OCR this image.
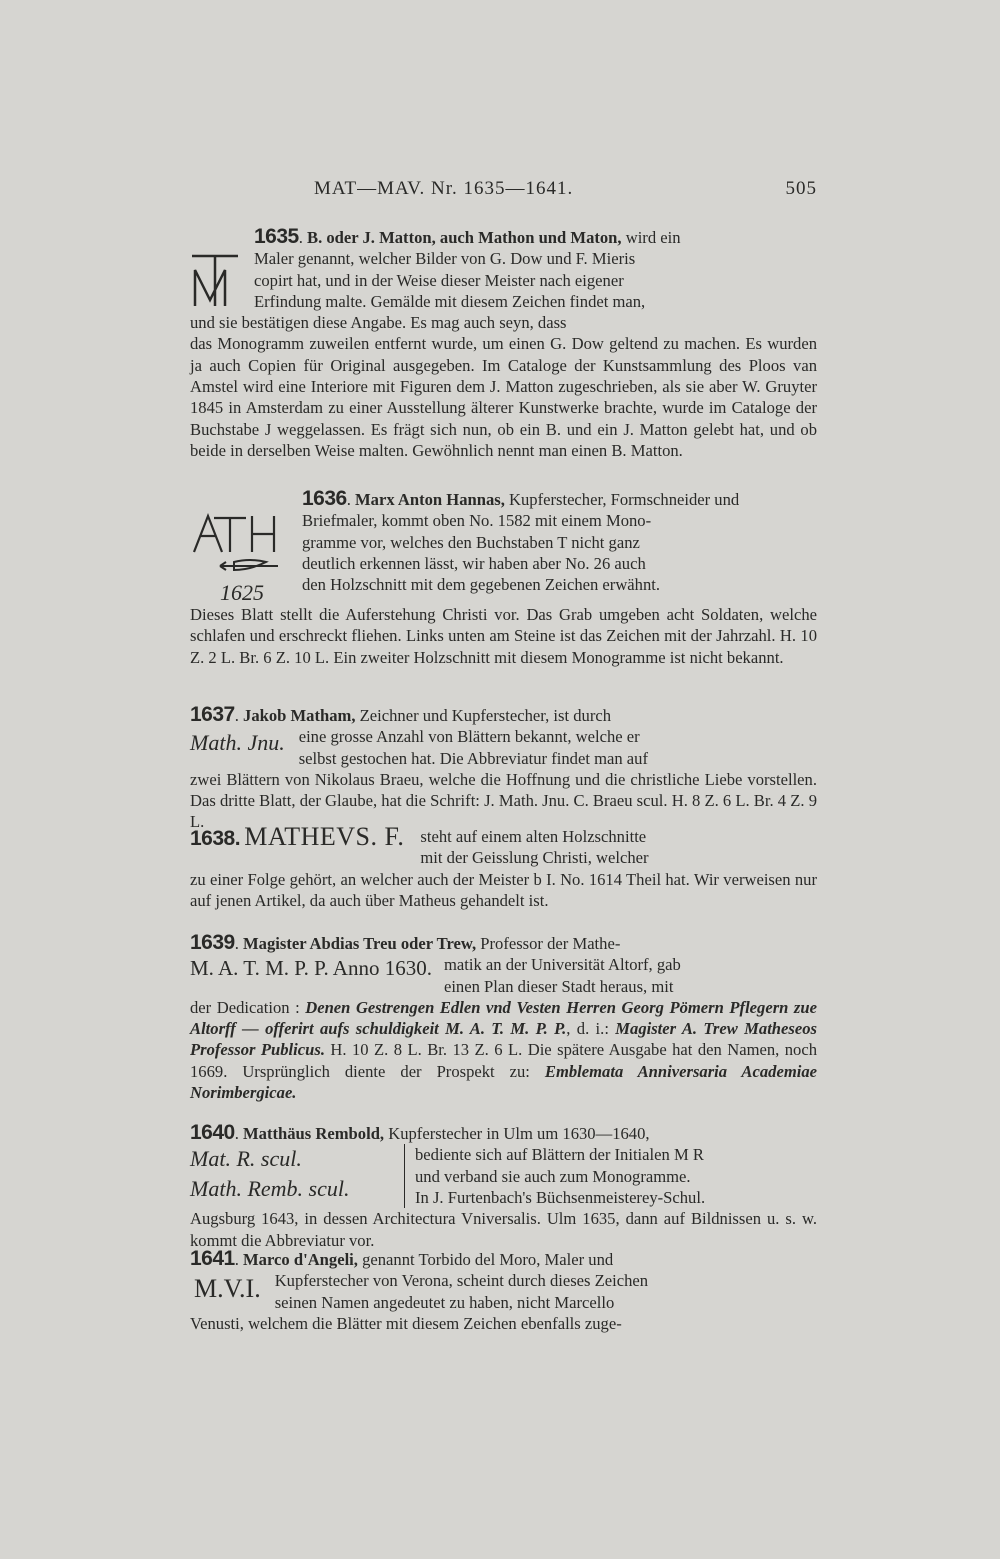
MAT—MAV. Nr. 1635—1641.	505
1635. B. oder J. Matton, auch Mathon und Maton, wird ein
Maler genannt, welcher Bilder von G. Dow und F. Mieris
copirt hat, und in der Weise dieser Meister nach eigener
Erfindung malte. Gemälde mit diesem Zeichen findet man,
und sie bestätigen diese Angabe. Es mag auch seyn, dass
das Monogramm zuweilen entfernt wurde, um einen G. Dow geltend zu machen. Es wurden ja auch Copien für Original ausgegeben. Im Cataloge der Kunstsammlung des Ploos van Amstel wird eine Interiore mit Figuren dem J. Matton zugeschrieben, als sie aber W. Gruyter 1845 in Amsterdam zu einer Ausstellung älterer Kunstwerke brachte, wurde im Cataloge der Buchstabe J weggelassen. Es frägt sich nun, ob ein B. und ein J. Matton gelebt hat, und ob beide in derselben Weise malten. Gewöhnlich nennt man einen B. Matton.
1625
1636. Marx Anton Hannas, Kupferstecher, Formschneider und
Briefmaler, kommt oben No. 1582 mit einem Mono-
gramme vor, welches den Buchstaben T nicht ganz
deutlich erkennen lässt, wir haben aber No. 26 auch
den Holzschnitt mit dem gegebenen Zeichen erwähnt.
Dieses Blatt stellt die Auferstehung Christi vor. Das Grab umgeben acht Soldaten, welche schlafen und erschreckt fliehen. Links unten am Steine ist das Zeichen mit der Jahrzahl. H. 10 Z. 2 L. Br. 6 Z. 10 L. Ein zweiter Holzschnitt mit diesem Monogramme ist nicht bekannt.
1637. Jakob Matham, Zeichner und Kupferstecher, ist durch
Math. Jnu. eine grosse Anzahl von Blättern bekannt, welche er
selbst gestochen hat. Die Abbreviatur findet man auf
zwei Blättern von Nikolaus Braeu, welche die Hoffnung und die christliche Liebe vorstellen. Das dritte Blatt, der Glaube, hat die Schrift: J. Math. Jnu. C. Braeu scul. H. 8 Z. 6 L. Br. 4 Z. 9 L.
1638. MATHEVS. F. steht auf einem alten Holzschnitte
mit der Geisslung Christi, welcher
zu einer Folge gehört, an welcher auch der Meister b I. No. 1614 Theil hat. Wir verweisen nur auf jenen Artikel, da auch über Matheus gehandelt ist.
1639. Magister Abdias Treu oder Trew, Professor der Mathe-
M. A. T. M. P. P. Anno 1630. matik an der Universität Altorf, gab
einen Plan dieser Stadt heraus, mit
der Dedication : Denen Gestrengen Edlen vnd Vesten Herren Georg Pömern Pflegern zue Altorff — offerirt aufs schuldigkeit M. A. T. M. P. P., d. i.: Magister A. Trew Matheseos Professor Publicus. H. 10 Z. 8 L. Br. 13 Z. 6 L. Die spätere Ausgabe hat den Namen, noch 1669. Ursprünglich diente der Prospekt zu: Emblemata Anniversaria Academiae Norimbergicae.
1640. Matthäus Rembold, Kupferstecher in Ulm um 1630—1640,
Mat. R. scul.
Math. Remb. scul.
bediente sich auf Blättern der Initialen M R
und verband sie auch zum Monogramme.
In J. Furtenbach's Büchsenmeisterey-Schul.
Augsburg 1643, in dessen Architectura Vniversalis. Ulm 1635, dann auf Bildnissen u. s. w. kommt die Abbreviatur vor.
1641. Marco d'Angeli, genannt Torbido del Moro, Maler und
M.V.I. Kupferstecher von Verona, scheint durch dieses Zeichen
seinen Namen angedeutet zu haben, nicht Marcello
Venusti, welchem die Blätter mit diesem Zeichen ebenfalls zuge-
